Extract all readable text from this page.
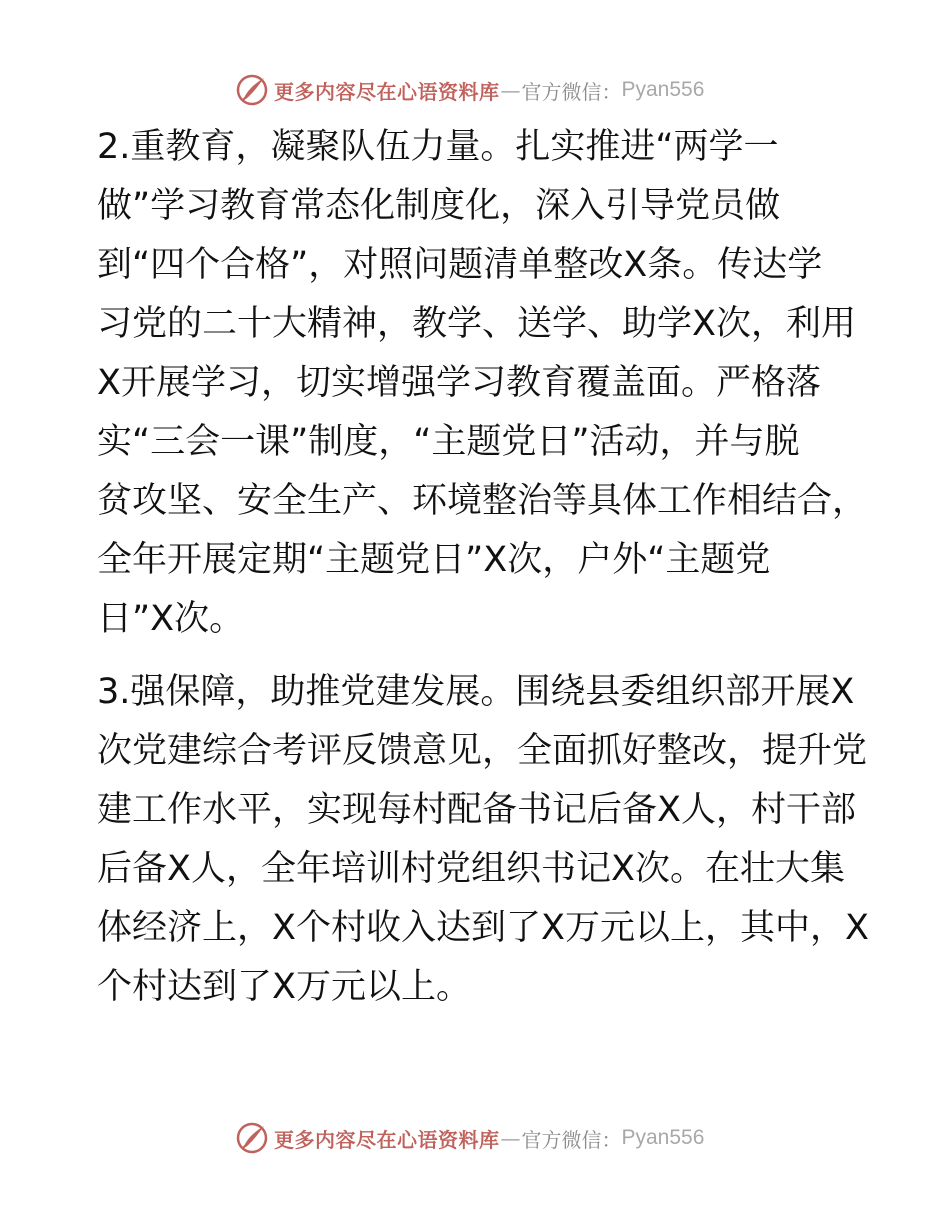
更多内容尽在心语资料库 — 官方微信： Pyan556
2.重教育，凝聚队伍力量。扎实推进“两学一
做”学习教育常态化制度化，深入引导党员做
到“四个合格”，对照问题清单整改X条。传达学
习党的二十大精神，教学、送学、助学X次，利用
X开展学习，切实增强学习教育覆盖面。严格落
实“三会一课”制度，“主题党日”活动，并与脱
贫攻坚、安全生产、环境整治等具体工作相结合，
全年开展定期“主题党日”X次，户外“主题党
日”X次。
3.强保障，助推党建发展。围绕县委组织部开展X
次党建综合考评反馈意见，全面抓好整改，提升党
建工作水平，实现每村配备书记后备X人，村干部
后备X人，全年培训村党组织书记X次。在壮大集
体经济上，X个村收入达到了X万元以上，其中，X
个村达到了X万元以上。
更多内容尽在心语资料库 — 官方微信： Pyan556
